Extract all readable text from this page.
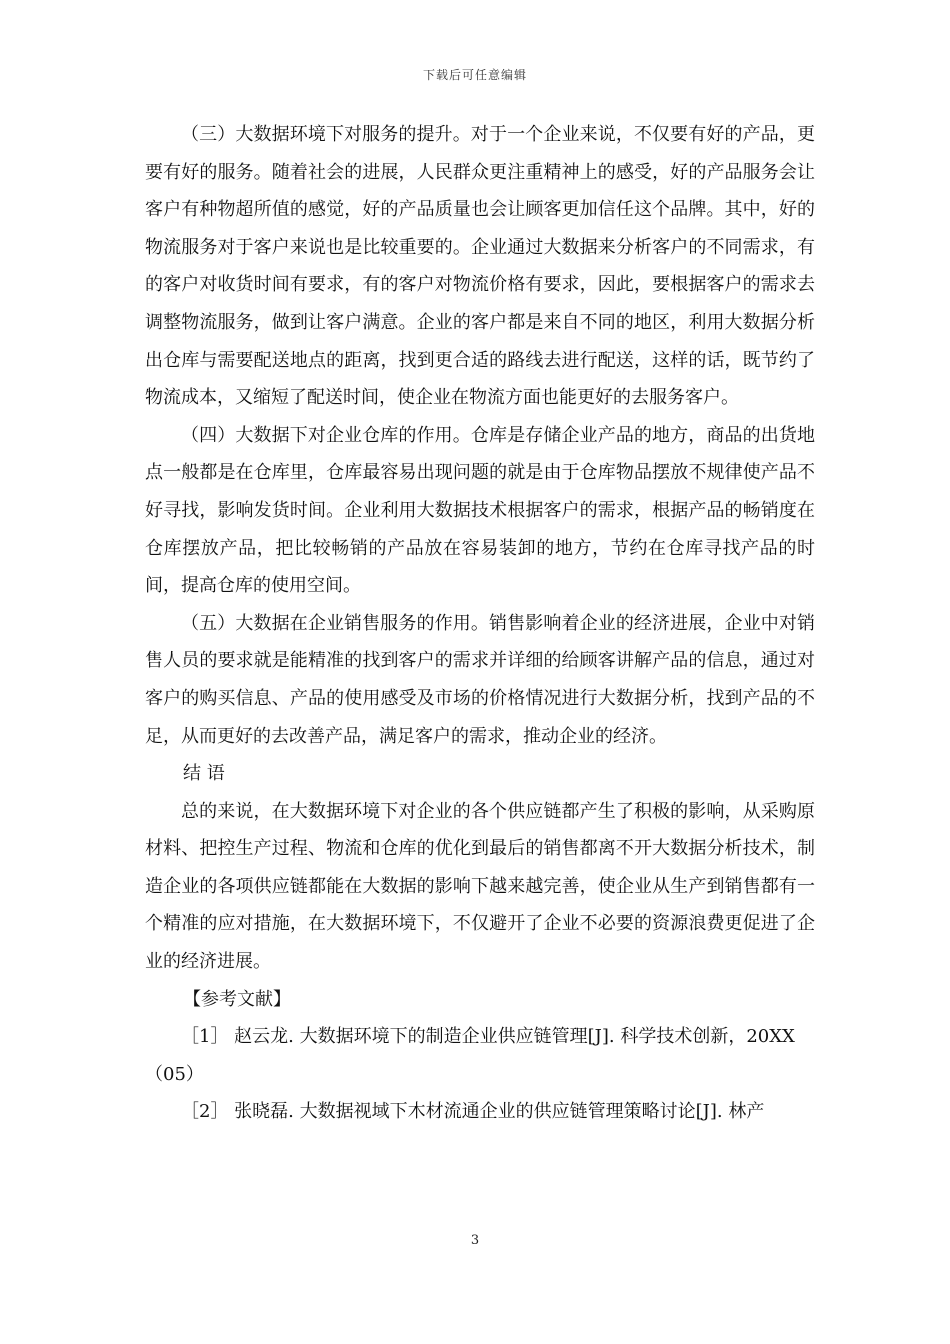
下载后可任意编辑

（三）大数据环境下对服务的提升。对于一个企业来说，不仅要有好的产品，更要有好的服务。随着社会的进展，人民群众更注重精神上的感受，好的产品服务会让客户有种物超所值的感觉，好的产品质量也会让顾客更加信任这个品牌。其中，好的物流服务对于客户来说也是比较重要的。企业通过大数据来分析客户的不同需求，有的客户对收货时间有要求，有的客户对物流价格有要求，因此，要根据客户的需求去调整物流服务，做到让客户满意。企业的客户都是来自不同的地区，利用大数据分析出仓库与需要配送地点的距离，找到更合适的路线去进行配送，这样的话，既节约了物流成本，又缩短了配送时间，使企业在物流方面也能更好的去服务客户。

（四）大数据下对企业仓库的作用。仓库是存储企业产品的地方，商品的出货地点一般都是在仓库里，仓库最容易出现问题的就是由于仓库物品摆放不规律使产品不好寻找，影响发货时间。企业利用大数据技术根据客户的需求，根据产品的畅销度在仓库摆放产品，把比较畅销的产品放在容易装卸的地方，节约在仓库寻找产品的时间，提高仓库的使用空间。

（五）大数据在企业销售服务的作用。销售影响着企业的经济进展，企业中对销售人员的要求就是能精准的找到客户的需求并详细的给顾客讲解产品的信息，通过对客户的购买信息、产品的使用感受及市场的价格情况进行大数据分析，找到产品的不足，从而更好的去改善产品，满足客户的需求，推动企业的经济。

结 语

总的来说，在大数据环境下对企业的各个供应链都产生了积极的影响，从采购原材料、把控生产过程、物流和仓库的优化到最后的销售都离不开大数据分析技术，制造企业的各项供应链都能在大数据的影响下越来越完善，使企业从生产到销售都有一个精准的应对措施，在大数据环境下，不仅避开了企业不必要的资源浪费更促进了企业的经济进展。

【参考文献】

［1］ 赵云龙. 大数据环境下的制造企业供应链管理[J]. 科学技术创新，20XX（05）

［2］ 张晓磊. 大数据视域下木材流通企业的供应链管理策略讨论[J]. 林产

3
